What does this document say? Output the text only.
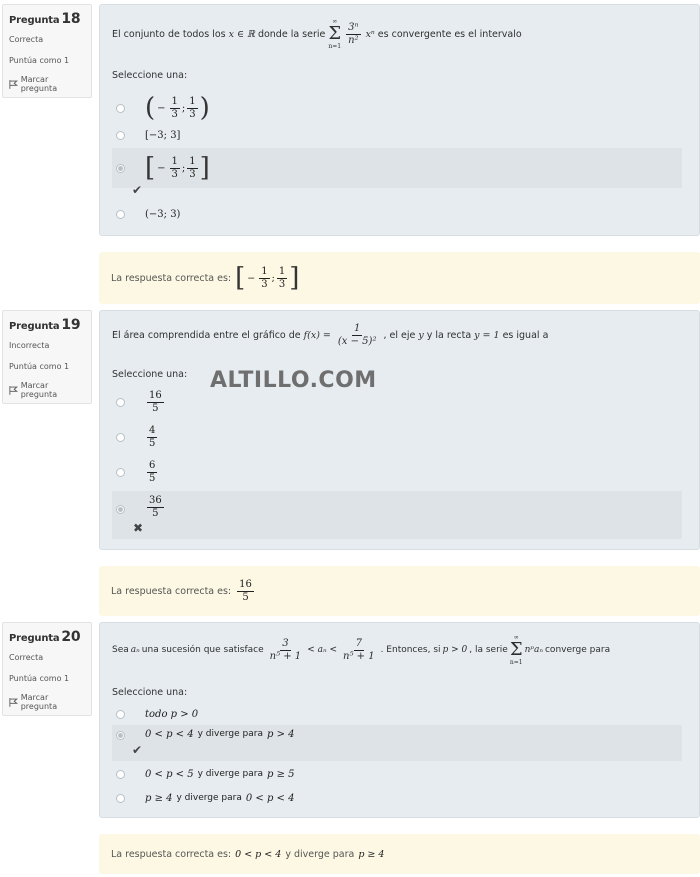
Pregunta 18
Correcta
Puntúa como 1
Marcar pregunta
El conjunto de todos los x ∈ ℝ donde la serie
∞
Σ
$n=1 \frac{\text{3ⁿ}}{\text{n²}}$ xⁿ es convergente es el intervalo
Seleccione una:
( − $\frac{1}{3}$ ; $\frac{1}{3}$ )
[−3; 3]
[ − $\frac{1}{3}$ ; $\frac{1}{3}$ ]
✔
(−3; 3)
La respuesta correcta es: [ − $\frac{1}{3}$ ; $\frac{1}{3}$ ]
Pregunta 19
Incorrecta
Puntúa como 1
Marcar pregunta
El área comprendida entre el gráfico de $f(x) = \frac{1}{\text{(x − 5)²}}$ , el eje y y la recta y = 1 es igual a
Seleccione una:
$\frac{16}{5}$
$\frac{4}{5}$
$\frac{6}{5}$
$\frac{36}{5}$
✖
ALTILLO.COM
La respuesta correcta es: $\frac{16}{5}$
Pregunta 20
Correcta
Puntúa como 1
Marcar pregunta
Sea aₙ una sucesión que satisface $\frac{3}{\text{n⁵ + 1}} < a_n < \frac{7}{\text{n⁵ + 1}}$ . Entonces, si p > 0 , la serie
∞
Σ
n=1
nᵖaₙ converge para
Seleccione una:
todo p > 0
0 < p < 4 y diverge para p > 4
✔
0 < p < 5 y diverge para p ≥ 5
p ≥ 4 y diverge para 0 < p < 4
La respuesta correcta es: 0 < p < 4 y diverge para p ≥ 4
